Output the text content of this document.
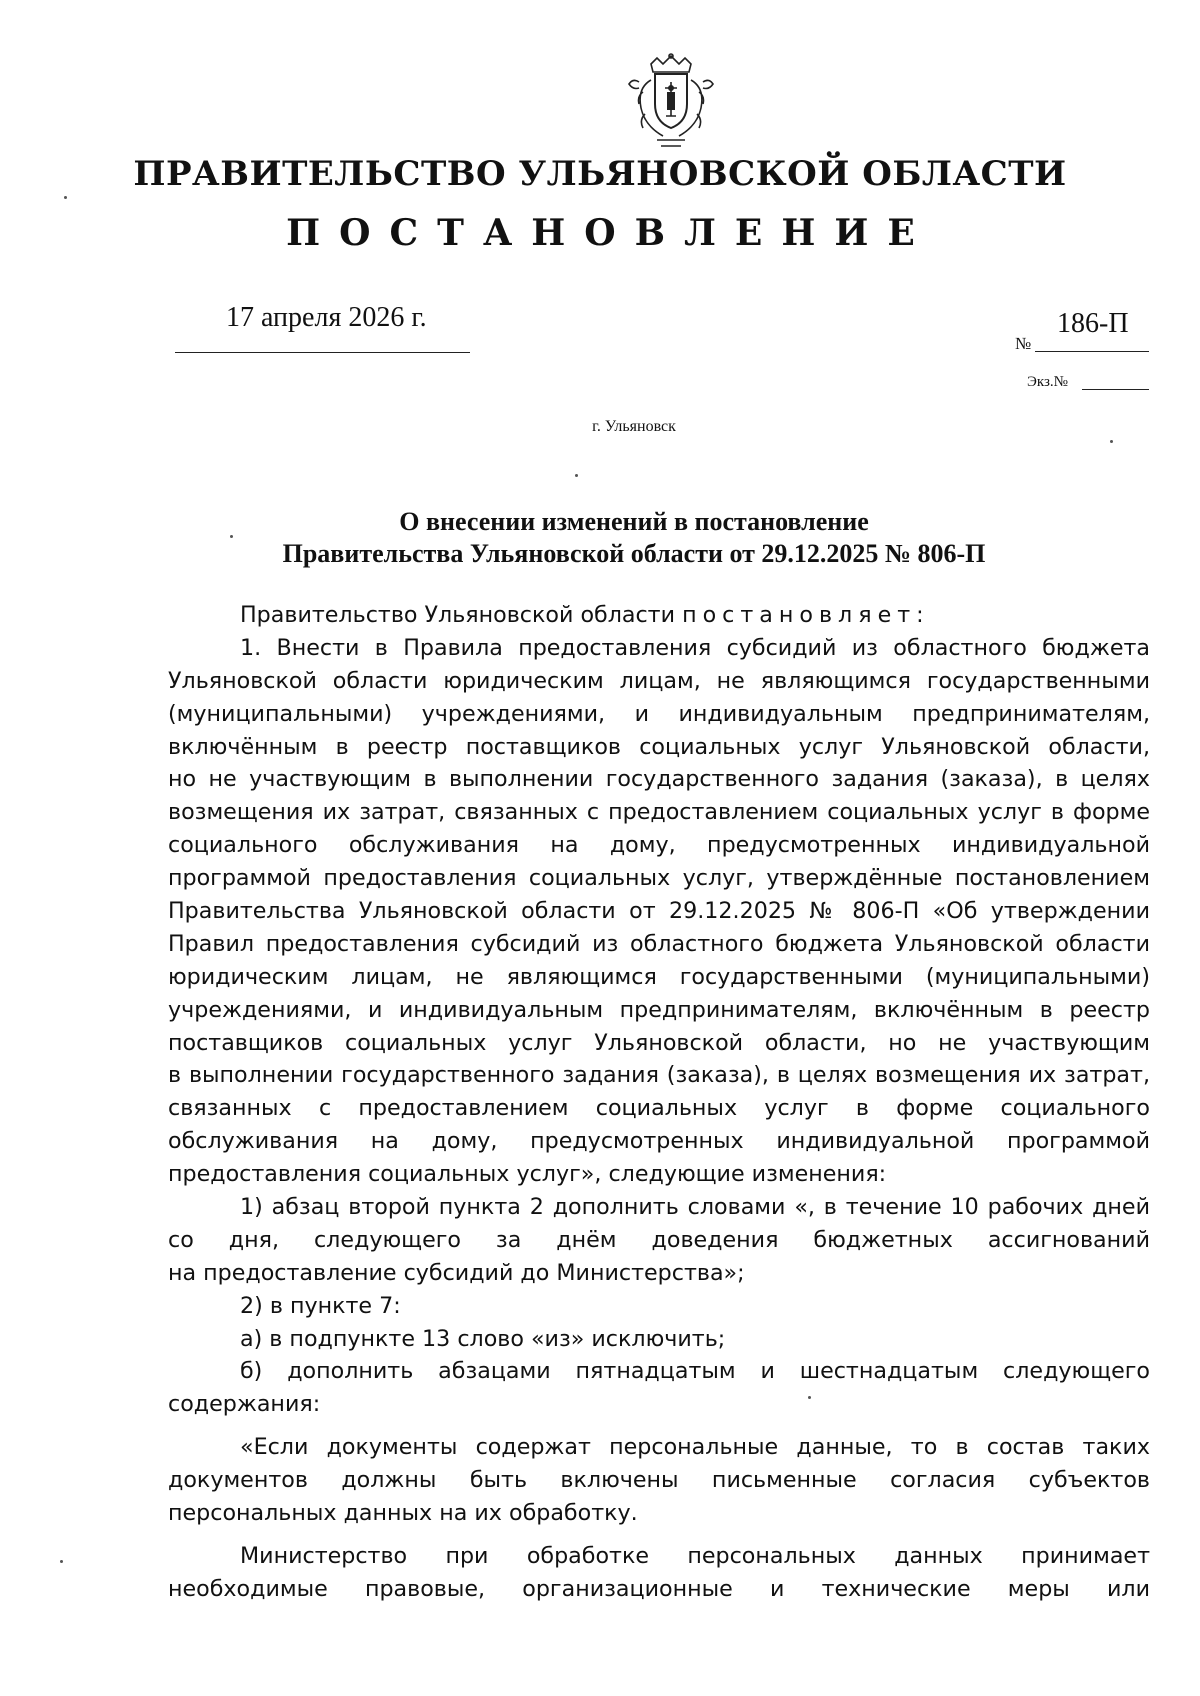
ПРАВИТЕЛЬСТВО УЛЬЯНОВСКОЙ ОБЛАСТИ
ПОСТАНОВЛЕНИЕ
17 апреля 2026 г.
№
186-П
Экз.№
г. Ульяновск
О внесении изменений в постановление
Правительства Ульяновской области от 29.12.2025 № 806-П
Правительство Ульяновской области постановляет:
1. Внести в Правила предоставления субсидий из областного бюджета
Ульяновской области юридическим лицам, не являющимся государственными
(муниципальными) учреждениями, и индивидуальным предпринимателям,
включённым в реестр поставщиков социальных услуг Ульяновской области,
но не участвующим в выполнении государственного задания (заказа), в целях
возмещения их затрат, связанных с предоставлением социальных услуг в форме
социального обслуживания на дому, предусмотренных индивидуальной
программой предоставления социальных услуг, утверждённые постановлением
Правительства Ульяновской области от 29.12.2025 № 806-П «Об утверждении
Правил предоставления субсидий из областного бюджета Ульяновской области
юридическим лицам, не являющимся государственными (муниципальными)
учреждениями, и индивидуальным предпринимателям, включённым в реестр
поставщиков социальных услуг Ульяновской области, но не участвующим
в выполнении государственного задания (заказа), в целях возмещения их затрат,
связанных с предоставлением социальных услуг в форме социального
обслуживания на дому, предусмотренных индивидуальной программой
предоставления социальных услуг», следующие изменения:
1) абзац второй пункта 2 дополнить словами «, в течение 10 рабочих дней
со дня, следующего за днём доведения бюджетных ассигнований
на предоставление субсидий до Министерства»;
2) в пункте 7:
а) в подпункте 13 слово «из» исключить;
б) дополнить абзацами пятнадцатым и шестнадцатым следующего
содержания:
«Если документы содержат персональные данные, то в состав таких
документов должны быть включены письменные согласия субъектов
персональных данных на их обработку.
Министерство при обработке персональных данных принимает
необходимые правовые, организационные и технические меры или
